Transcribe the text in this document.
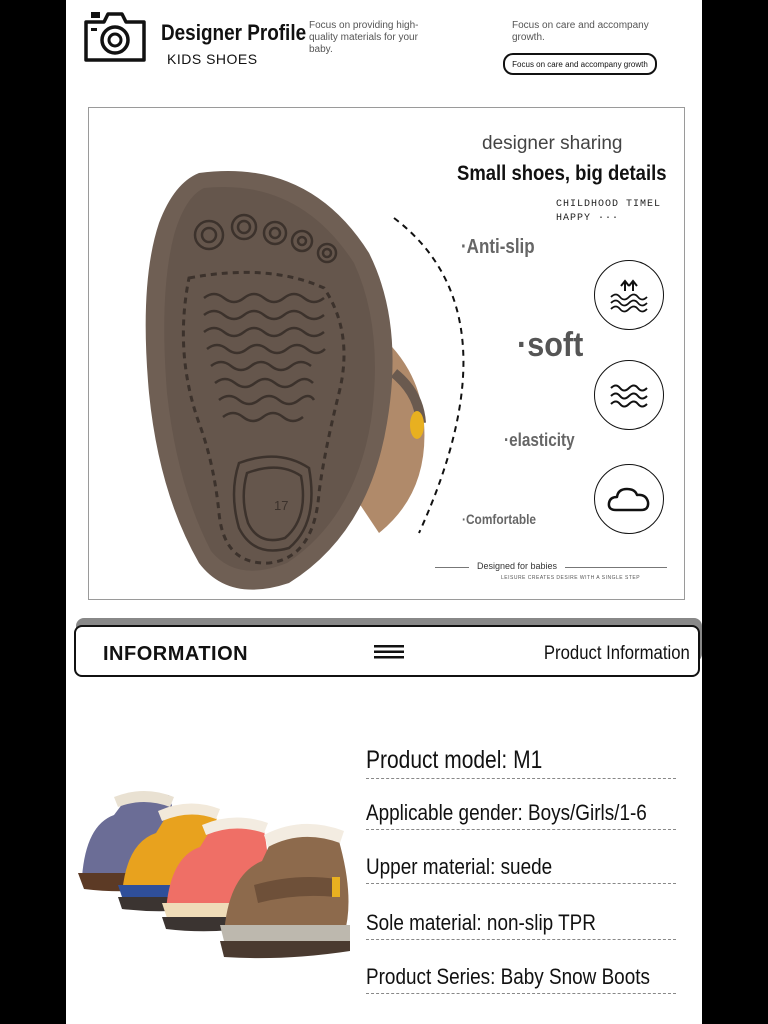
Designer Profile
KIDS SHOES
Focus on providing high-quality materials for your baby.
Focus on care and accompany growth.
Focus on care and accompany growth
17
designer sharing
Small shoes, big details
CHILDHOOD TIMEL HAPPY ···
·Anti-slip
·soft
·elasticity
·Comfortable
Designed for babies
LEISURE CREATES DESIRE WITH A SINGLE STEP
INFORMATION	Product Information
Product model: M1
Applicable gender: Boys/Girls/1-6
Upper material: suede
Sole material: non-slip TPR
Product Series: Baby Snow Boots
